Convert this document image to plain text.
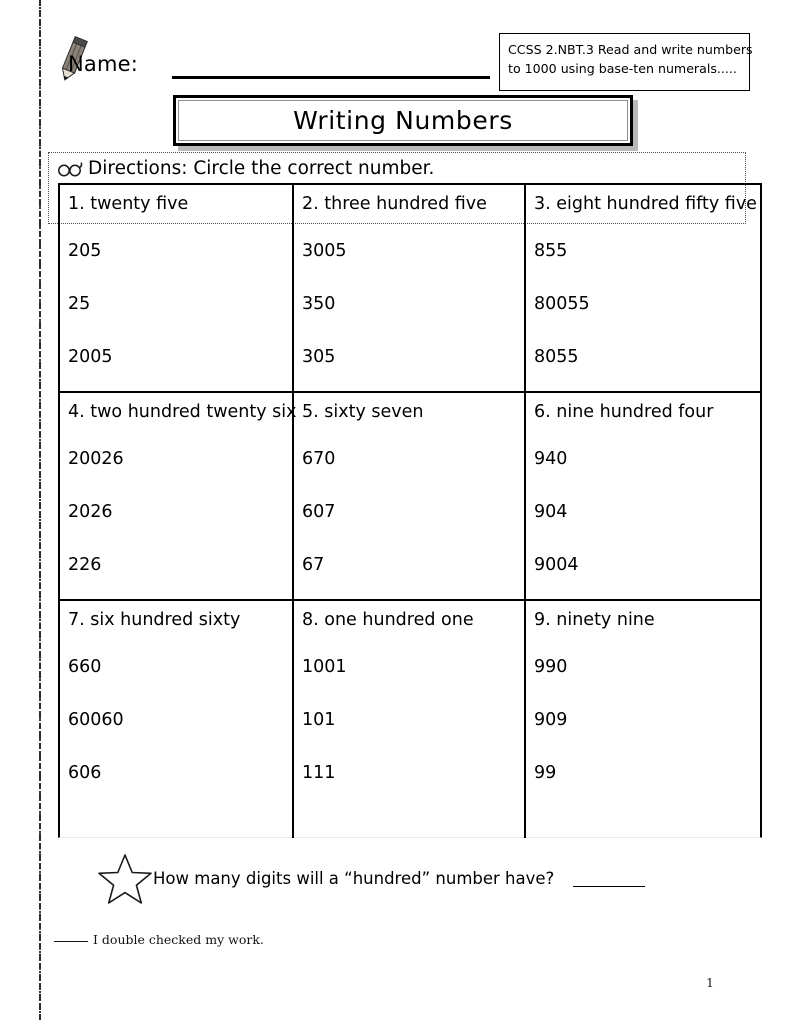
Name:
CCSS 2.NBT.3 Read and write numbers
to 1000 using base-ten numerals.....
Writing Numbers
Directions: Circle the correct number.
1. twenty five
205
25
2005
2. three hundred five
3005
350
305
3. eight hundred fifty five
855
80055
8055
4. two hundred twenty six
20026
2026
226
5. sixty seven
670
607
67
6. nine hundred four
940
904
9004
7. six hundred sixty
660
60060
606
8. one hundred one
1001
101
111
9. ninety nine
990
909
99
How many digits will a “hundred” number have?
I double checked my work.
1
